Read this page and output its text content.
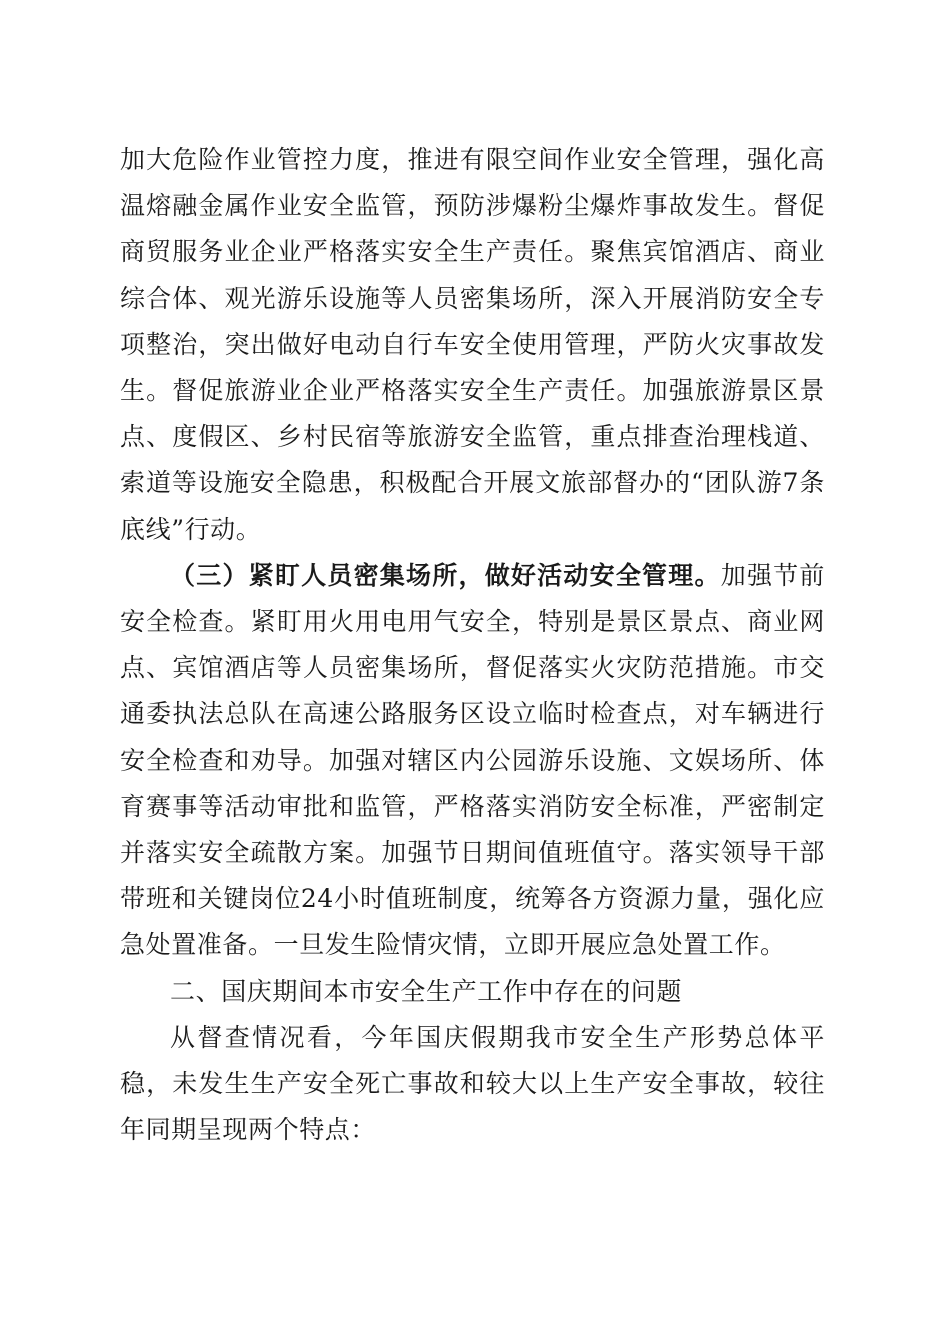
加大危险作业管控力度，推进有限空间作业安全管理，强化高温熔融金属作业安全监管，预防涉爆粉尘爆炸事故发生。督促商贸服务业企业严格落实安全生产责任。聚焦宾馆酒店、商业综合体、观光游乐设施等人员密集场所，深入开展消防安全专项整治，突出做好电动自行车安全使用管理，严防火灾事故发生。督促旅游业企业严格落实安全生产责任。加强旅游景区景点、度假区、乡村民宿等旅游安全监管，重点排查治理栈道、索道等设施安全隐患，积极配合开展文旅部督办的“团队游7条底线”行动。

（三）紧盯人员密集场所，做好活动安全管理。加强节前安全检查。紧盯用火用电用气安全，特别是景区景点、商业网点、宾馆酒店等人员密集场所，督促落实火灾防范措施。市交通委执法总队在高速公路服务区设立临时检查点，对车辆进行安全检查和劝导。加强对辖区内公园游乐设施、文娱场所、体育赛事等活动审批和监管，严格落实消防安全标准，严密制定并落实安全疏散方案。加强节日期间值班值守。落实领导干部带班和关键岗位24小时值班制度，统筹各方资源力量，强化应急处置准备。一旦发生险情灾情，立即开展应急处置工作。

二、国庆期间本市安全生产工作中存在的问题

从督查情况看，今年国庆假期我市安全生产形势总体平稳，未发生生产安全死亡事故和较大以上生产安全事故，较往年同期呈现两个特点：
